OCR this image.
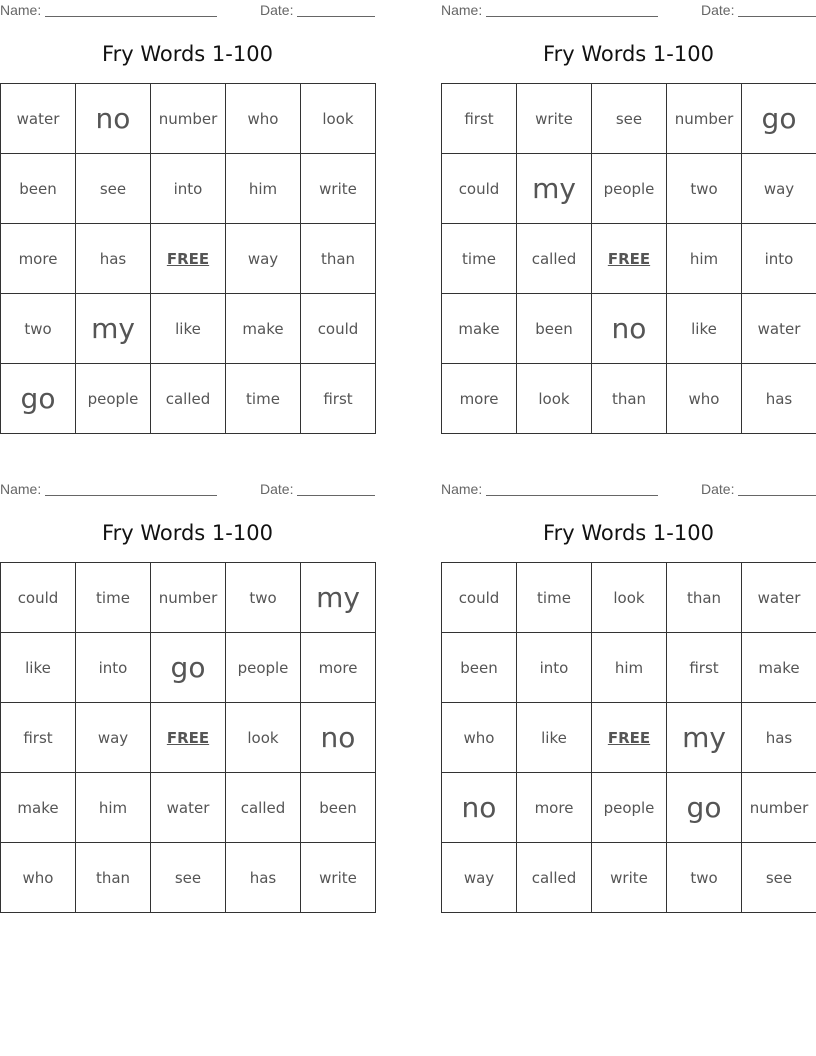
Name:	Date:
Fry Words 1-100
water	no	number	who	look
been	see	into	him	write
more	has	FREE	way	than
two	my	like	make	could
go	people	called	time	first
Name:	Date:
Fry Words 1-100
first	write	see	number	go
could	my	people	two	way
time	called	FREE	him	into
make	been	no	like	water
more	look	than	who	has
Name:	Date:
Fry Words 1-100
could	time	number	two	my
like	into	go	people	more
first	way	FREE	look	no
make	him	water	called	been
who	than	see	has	write
Name:	Date:
Fry Words 1-100
could	time	look	than	water
been	into	him	first	make
who	like	FREE	my	has
no	more	people	go	number
way	called	write	two	see
